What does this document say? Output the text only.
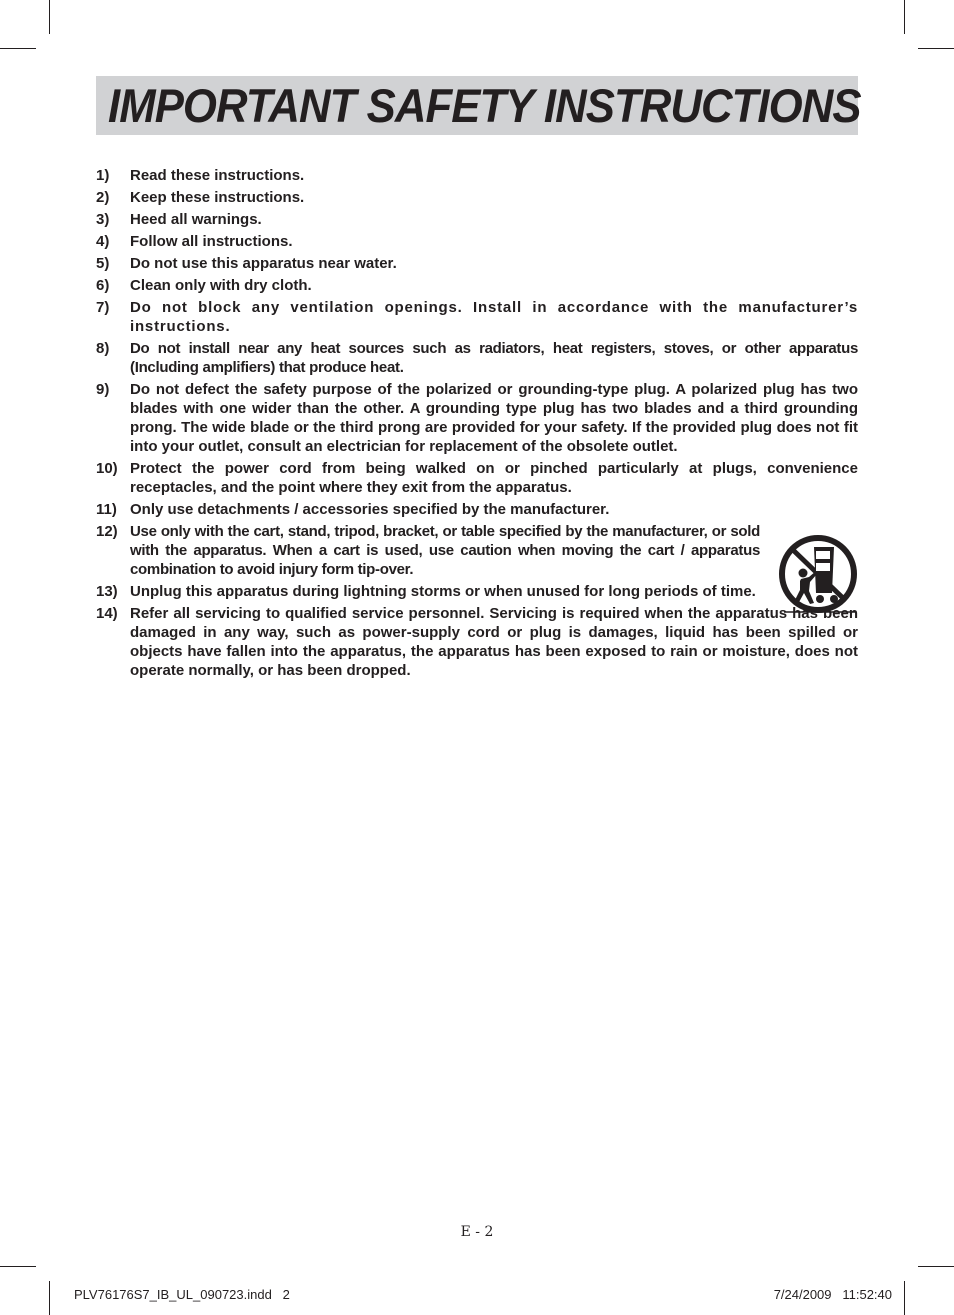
IMPORTANT SAFETY INSTRUCTIONS
1)	Read these instructions.
2)	Keep these instructions.
3)	Heed all warnings.
4)	Follow all instructions.
5)	Do not use this apparatus near water.
6)	Clean only with dry cloth.
7)	Do not block any ventilation openings. Install in accordance with the manufacturer’s instructions.
8)	Do not install near any heat sources such as radiators, heat registers, stoves, or other apparatus (Including amplifiers) that produce heat.
9)	Do not defect the safety purpose of the polarized or grounding-type plug. A polarized plug has two blades with one wider than the other. A grounding type plug has two blades and a third grounding prong. The wide blade or the third prong are provided for your safety. If the provided plug does not fit into your outlet, consult an electrician for replacement of the obsolete outlet.
10) Protect the power cord from being walked on or pinched particularly at plugs, convenience receptacles, and the point where they exit from the apparatus.
11) Only use detachments / accessories specified by the manufacturer.
12) Use only with the cart, stand, tripod, bracket, or table specified by the manufacturer, or sold with the apparatus. When a cart is used, use caution when moving the cart / apparatus combination to avoid injury form tip-over.
13) Unplug this apparatus during lightning storms or when unused for long periods of time.
14) Refer all servicing to qualified service personnel. Servicing is required when the apparatus has been damaged in any way, such as power-supply cord or plug is damages, liquid has been spilled or objects have fallen into the apparatus, the apparatus has been exposed to rain or moisture, does not operate normally, or has been dropped.
E - 2
PLV76176S7_IB_UL_090723.indd   2	7/24/2009   11:52:40
